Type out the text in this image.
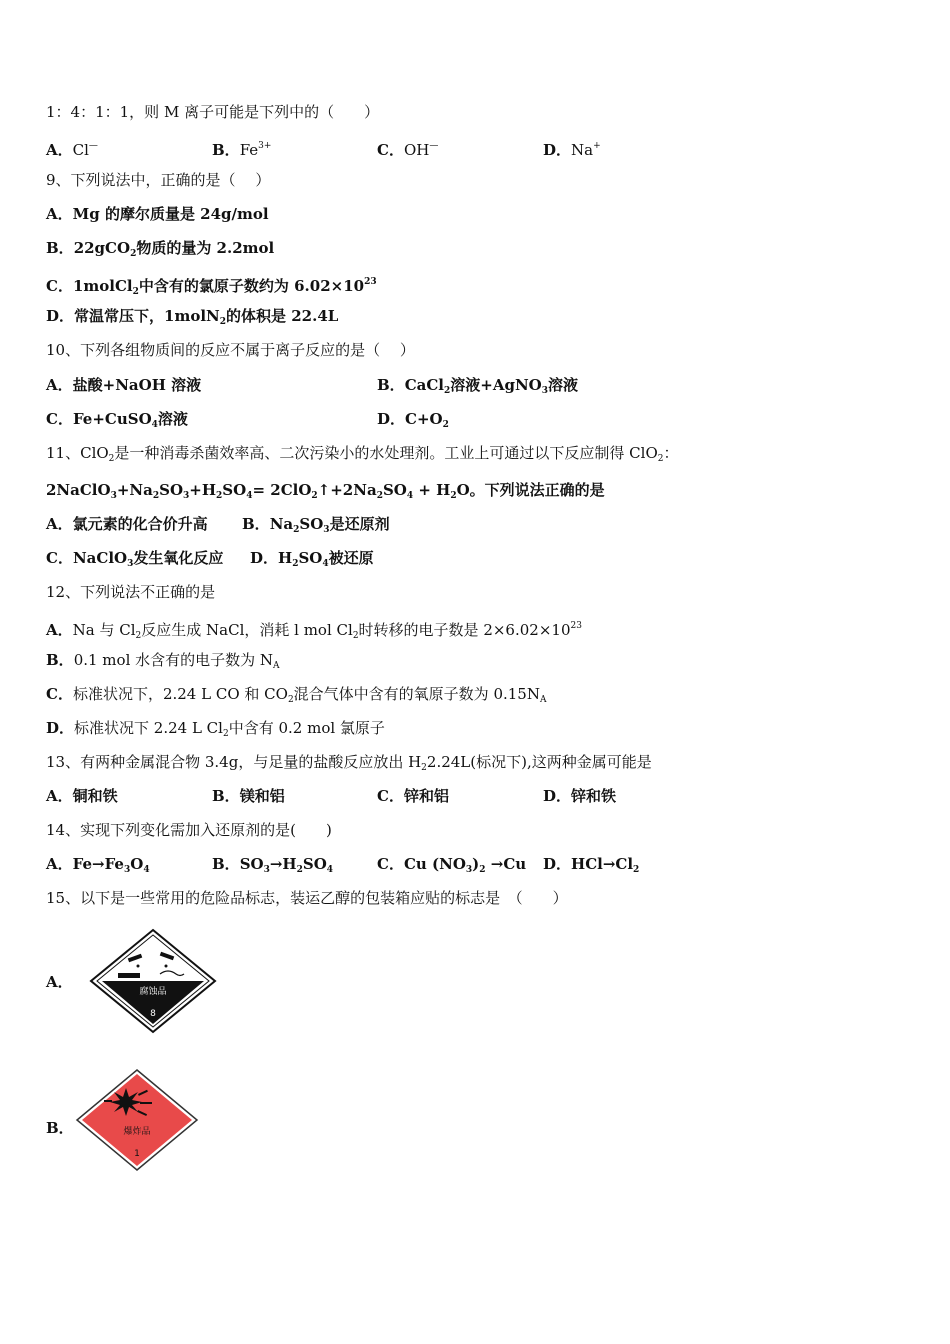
1：4：1：1，则 M 离子可能是下列中的（　　）
A．Cl—	B．$Fe^{3+}$	C．OH—	D．Na+
9、下列说法中，正确的是（　 ）
A．Mg 的摩尔质量是 24g/mol
B．22gCO$_2$物质的量为 2.2mol
C．1molCl$_2$中含有的氯原子数约为 $6.02\times 10^{23}$
D．常温常压下，1molN$_2$的体积是 22.4L
10、下列各组物质间的反应不属于离子反应的是（　 ）
A．盐酸+NaOH 溶液	B．CaCl$_2$溶液+AgNO$_3$溶液
C．Fe+CuSO$_4$溶液	D．$C+O_2$
11、ClO$_2$是一种消毒杀菌效率高、二次污染小的水处理剂。工业上可通过以下反应制得 ClO$_2$：
$2NaClO_3+Na_2SO_3+H_2SO_4=$ $2ClO_2↑+2Na_2SO_4 + H_2O$。下列说法正确的是
A．氯元素的化合价升高 B．$Na_2SO_3$是还原剂
C．NaClO$_3$发生氧化反应 D．$H_2SO_4$被还原
12、下列说法不正确的是
A．Na 与 $Cl_2$反应生成 NaCl，消耗 l mol $Cl_2$时转移的电子数是 $2\times 6.02\times 10^{23}$
B．0.1 mol 水含有的电子数为 $N_A$
C．标准状况下，2.24 L CO 和 $CO_2$混合气体中含有的氧原子数为 $0.15N_A$
D．标准状况下 2.24 L $Cl_2$中含有 0.2 mol 氯原子
13、有两种金属混合物 3.4g，与足量的盐酸反应放出 $H_22.24L$(标况下),这两种金属可能是
A．铜和铁	B．镁和铝	C．锌和铝	D．锌和铁
14、实现下列变化需加入还原剂的是(　　)
A．$Fe\to Fe_3O_4$	B．$SO_3\to H_2SO_4$	C．Cu $(NO_3)_2 \to Cu$ D．$HCl\to Cl_2$
15、以下是一些常用的危险品标志，装运乙醇的包装箱应贴的标志是　（　　）
A．
腐蚀品
8
B．	爆炸品
1
